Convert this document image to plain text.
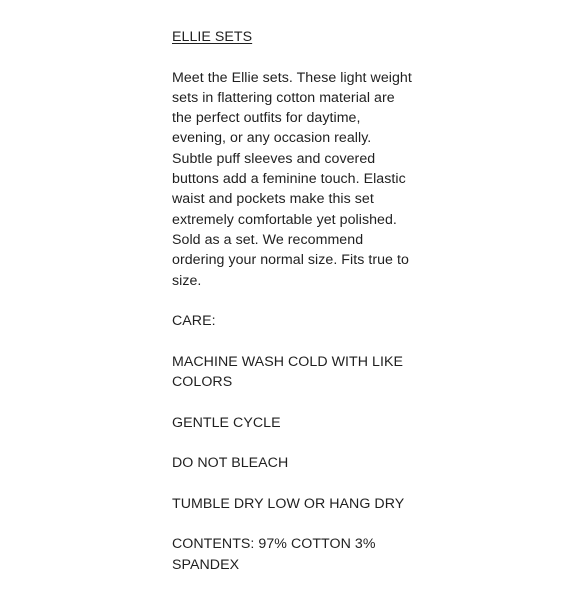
ELLIE SETS

Meet the Ellie sets. These light weight sets in flattering cotton material are the perfect outfits for daytime, evening, or any occasion really. Subtle puff sleeves and covered buttons add a feminine touch. Elastic waist and pockets make this set extremely comfortable yet polished. Sold as a set. We recommend ordering your normal size. Fits true to size.

CARE:

MACHINE WASH COLD WITH LIKE COLORS

GENTLE CYCLE

DO NOT BLEACH

TUMBLE DRY LOW OR HANG DRY

CONTENTS: 97% COTTON 3% SPANDEX
